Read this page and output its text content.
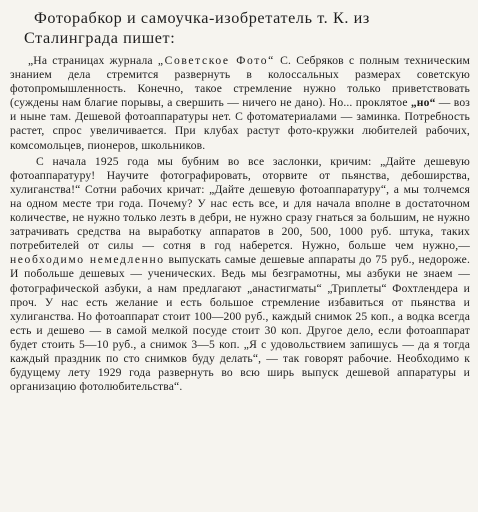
Фоторабкор и самоучка-изобретатель т. К. из
Сталинграда пишет:

„На страницах журнала „Советское Фото“ С. Себряков с полным техническим знанием дела стремится развернуть в колоссальных размерах советскую фотопромышленность. Конечно, такое стремление нужно только приветствовать (суждены нам благие порывы, а свершить — ничего не дано). Но... проклятое „но“ — воз и ныне там. Дешевой фотоаппаратуры нет. С фотоматериалами — заминка. Потребность растет, спрос увеличивается. При клубах растут фото-кружки любителей рабочих, комсомольцев, пионеров, школьников.

С начала 1925 года мы бубним во все заслонки, кричим: „Дайте дешевую фотоаппаратуру! Научите фотографировать, оторвите от пьянства, дебоширства, хулиганства!“ Сотни рабочих кричат: „Дайте дешевую фотоаппаратуру“, а мы толчемся на одном месте три года. Почему? У нас есть все, и для начала вполне в достаточном количестве, не нужно только лезть в дебри, не нужно сразу гнаться за большим, не нужно затрачивать средства на выработку аппаратов в 200, 500, 1000 руб. штука, таких потребителей от силы — сотня в год наберется. Нужно, больше чем нужно,— необходимо немедленно выпускать самые дешевые аппараты до 75 руб., недороже. И побольше дешевых — ученических. Ведь мы безграмотны, мы азбуки не знаем — фотографической азбуки, а нам предлагают „анастигматы“ „Триплеты“ Фохтлендера и проч. У нас есть желание и есть большое стремление избавиться от пьянства и хулиганства. Но фотоаппарат стоит 100—200 руб., каждый снимок 25 коп., а водка всегда есть и дешево — в самой мелкой посуде стоит 30 коп. Другое дело, если фотоаппарат будет стоить 5—10 руб., а снимок 3—5 коп. „Я с удовольствием запишусь — да я тогда каждый праздник по сто снимков буду делать“, — так говорят рабочие. Необходимо к будущему лету 1929 года развернуть во всю ширь выпуск дешевой аппаратуры и организацию фотолюбительства“.
